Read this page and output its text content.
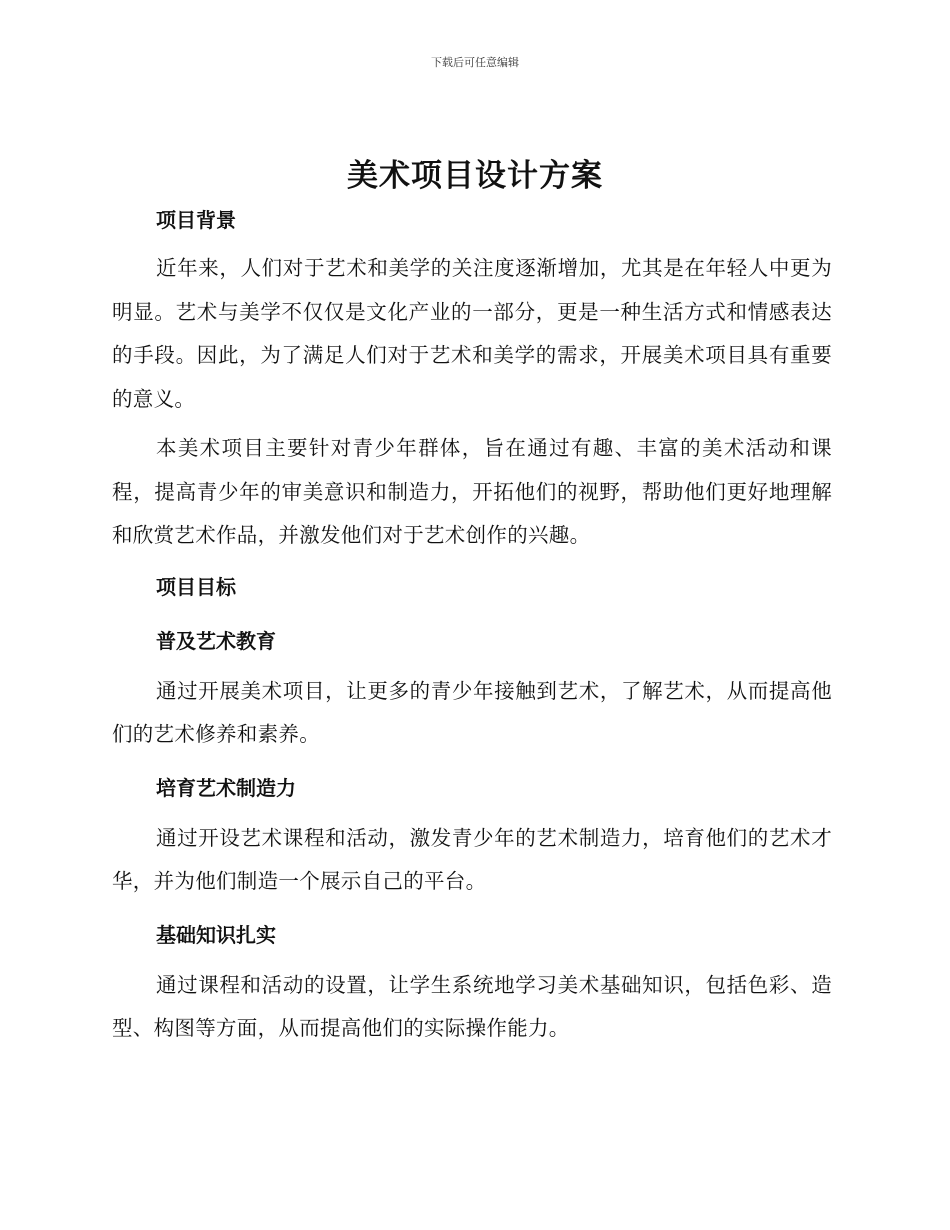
下载后可任意编辑
美术项目设计方案
项目背景

近年来，人们对于艺术和美学的关注度逐渐增加，尤其是在年轻人中更为明显。艺术与美学不仅仅是文化产业的一部分，更是一种生活方式和情感表达的手段。因此，为了满足人们对于艺术和美学的需求，开展美术项目具有重要的意义。

本美术项目主要针对青少年群体，旨在通过有趣、丰富的美术活动和课程，提高青少年的审美意识和制造力，开拓他们的视野，帮助他们更好地理解和欣赏艺术作品，并激发他们对于艺术创作的兴趣。

项目目标
普及艺术教育

通过开展美术项目，让更多的青少年接触到艺术，了解艺术，从而提高他们的艺术修养和素养。

培育艺术制造力

通过开设艺术课程和活动，激发青少年的艺术制造力，培育他们的艺术才华，并为他们制造一个展示自己的平台。

基础知识扎实

通过课程和活动的设置，让学生系统地学习美术基础知识，包括色彩、造型、构图等方面，从而提高他们的实际操作能力。
